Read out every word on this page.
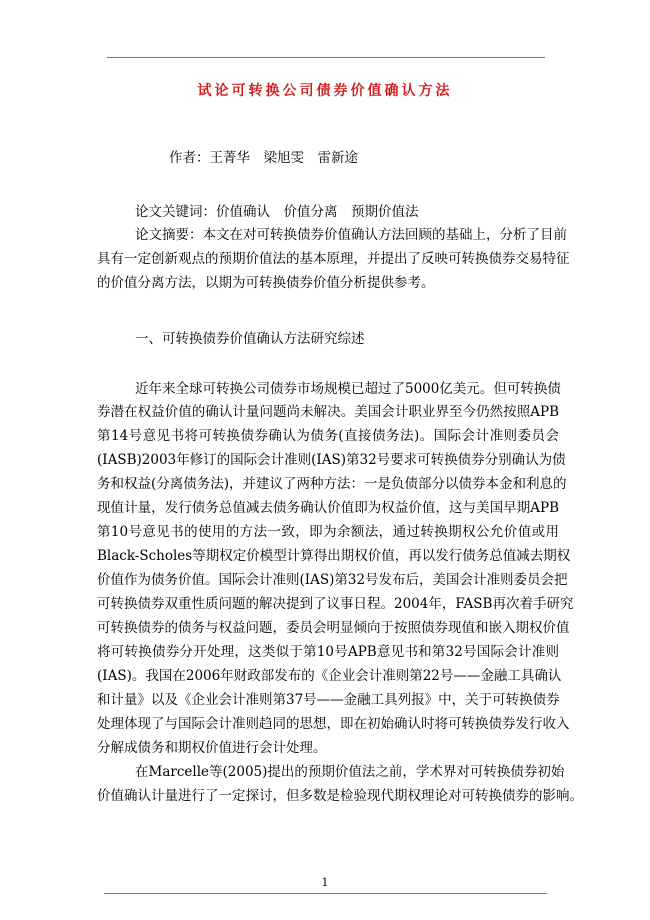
试论可转换公司债券价值确认方法
作者：王菁华　梁旭雯　雷新途
论文关键词：价值确认　价值分离　预期价值法
论文摘要：本文在对可转换债券价值确认方法回顾的基础上，分析了目前
具有一定创新观点的预期价值法的基本原理，并提出了反映可转换债券交易特征
的价值分离方法，以期为可转换债券价值分析提供参考。
一、可转换债券价值确认方法研究综述
近年来全球可转换公司债券市场规模已超过了5000亿美元。但可转换债
券潜在权益价值的确认计量问题尚未解决。美国会计职业界至今仍然按照APB
第14号意见书将可转换债券确认为债务(直接债务法)。国际会计准则委员会
(IASB)2003年修订的国际会计准则(IAS)第32号要求可转换债券分别确认为债
务和权益(分离债务法)，并建议了两种方法：一是负债部分以债券本金和利息的
现值计量，发行债务总值减去债务确认价值即为权益价值，这与美国早期APB
第10号意见书的使用的方法一致，即为余额法，通过转换期权公允价值或用
Black-Scholes等期权定价模型计算得出期权价值，再以发行债务总值减去期权
价值作为债务价值。国际会计准则(IAS)第32号发布后，美国会计准则委员会把
可转换债券双重性质问题的解决提到了议事日程。2004年，FASB再次着手研究
可转换债券的债务与权益问题，委员会明显倾向于按照债券现值和嵌入期权价值
将可转换债券分开处理，这类似于第10号APB意见书和第32号国际会计准则
(IAS)。我国在2006年财政部发布的《企业会计准则第22号——金融工具确认
和计量》以及《企业会计准则第37号——金融工具列报》中，关于可转换债券
处理体现了与国际会计准则趋同的思想，即在初始确认时将可转换债券发行收入
分解成债务和期权价值进行会计处理。
在Marcelle等(2005)提出的预期价值法之前，学术界对可转换债券初始
价值确认计量进行了一定探讨，但多数是检验现代期权理论对可转换债券的影响。
1
